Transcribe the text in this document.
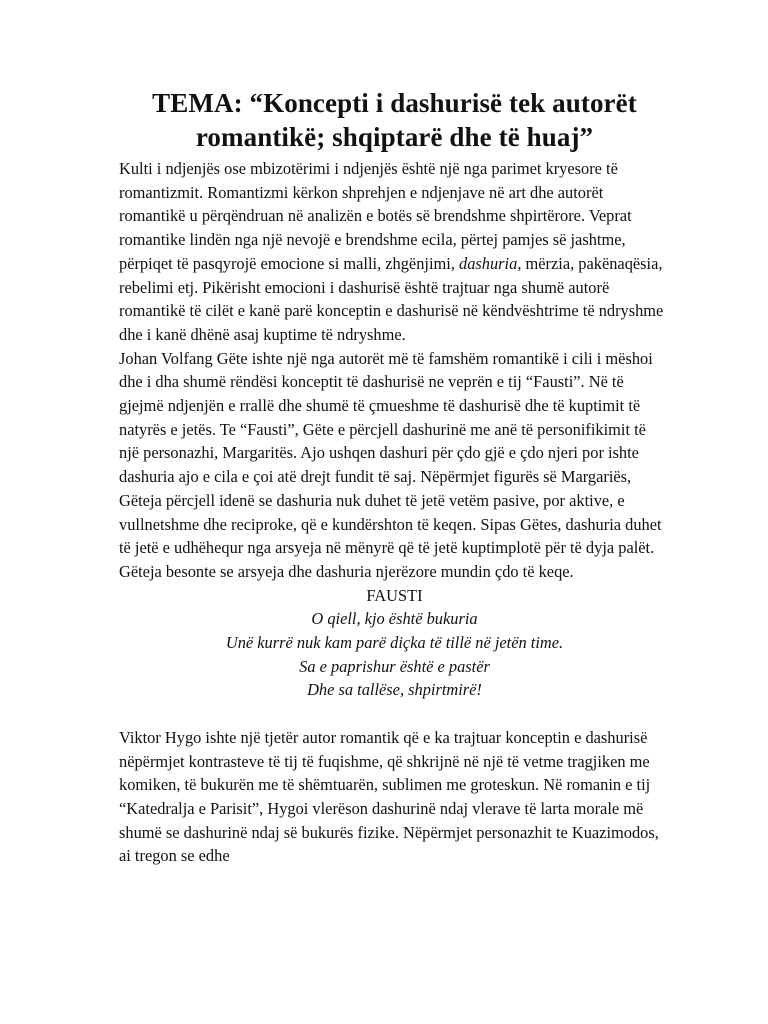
TEMA: “Koncepti i dashurisë tek autorët
romantikë; shqiptarë dhe të huaj”

Kulti i ndjenjës ose mbizotërimi i ndjenjës është një nga parimet kryesore të romantizmit. Romantizmi kërkon shprehjen e ndjenjave në art dhe autorët romantikë u përqëndruan në analizën e botës së brendshme shpirtërore. Veprat romantike lindën nga një nevojë e brendshme ecila, përtej pamjes së jashtme, përpiqet të pasqyrojë emocione si malli, zhgënjimi, dashuria, mërzia, pakënaqësia, rebelimi etj. Pikërisht emocioni i dashurisë është trajtuar nga shumë autorë romantikë të cilët e kanë parë konceptin e dashurisë në këndvështrime të ndryshme dhe i kanë dhënë asaj kuptime të ndryshme.

Johan Volfang Gëte ishte një nga autorët më të famshëm romantikë i cili i mëshoi dhe i dha shumë rëndësi konceptit të dashurisë ne veprën e tij “Fausti”. Në të gjejmë ndjenjën e rrallë dhe shumë të çmueshme të dashurisë dhe të kuptimit të natyrës e jetës. Te “Fausti”, Gëte e përcjell dashurinë me anë të personifikimit të një personazhi, Margaritës. Ajo ushqen dashuri për çdo gjë e çdo njeri por ishte dashuria ajo e cila e çoi atë drejt fundit të saj. Nëpërmjet figurës së Margariës, Gëteja përcjell idenë se dashuria nuk duhet të jetë vetëm pasive, por aktive, e vullnetshme dhe reciproke, që e kundërshton të keqen. Sipas Gëtes, dashuria duhet të jetë e udhëhequr nga arsyeja në mënyrë që të jetë kuptimplotë për të dyja palët. Gëteja besonte se arsyeja dhe dashuria njerëzore mundin çdo të keqe.

FAUSTI

O qiell, kjo është bukuria

Unë kurrë nuk kam parë diçka të tillë në jetën time.

Sa e paprishur është e pastër

Dhe sa tallëse, shpirtmirë!

Viktor Hygo ishte një tjetër autor romantik që e ka trajtuar konceptin e dashurisë nëpërmjet kontrasteve të tij të fuqishme, që shkrijnë në një të vetme tragjiken me komiken, të bukurën me të shëmtuarën, sublimen me groteskun. Në romanin e tij “Katedralja e Parisit”, Hygoi vlerëson dashurinë ndaj vlerave të larta morale më shumë se dashurinë ndaj së bukurës fizike. Nëpërmjet personazhit te Kuazimodos, ai tregon se edhe
